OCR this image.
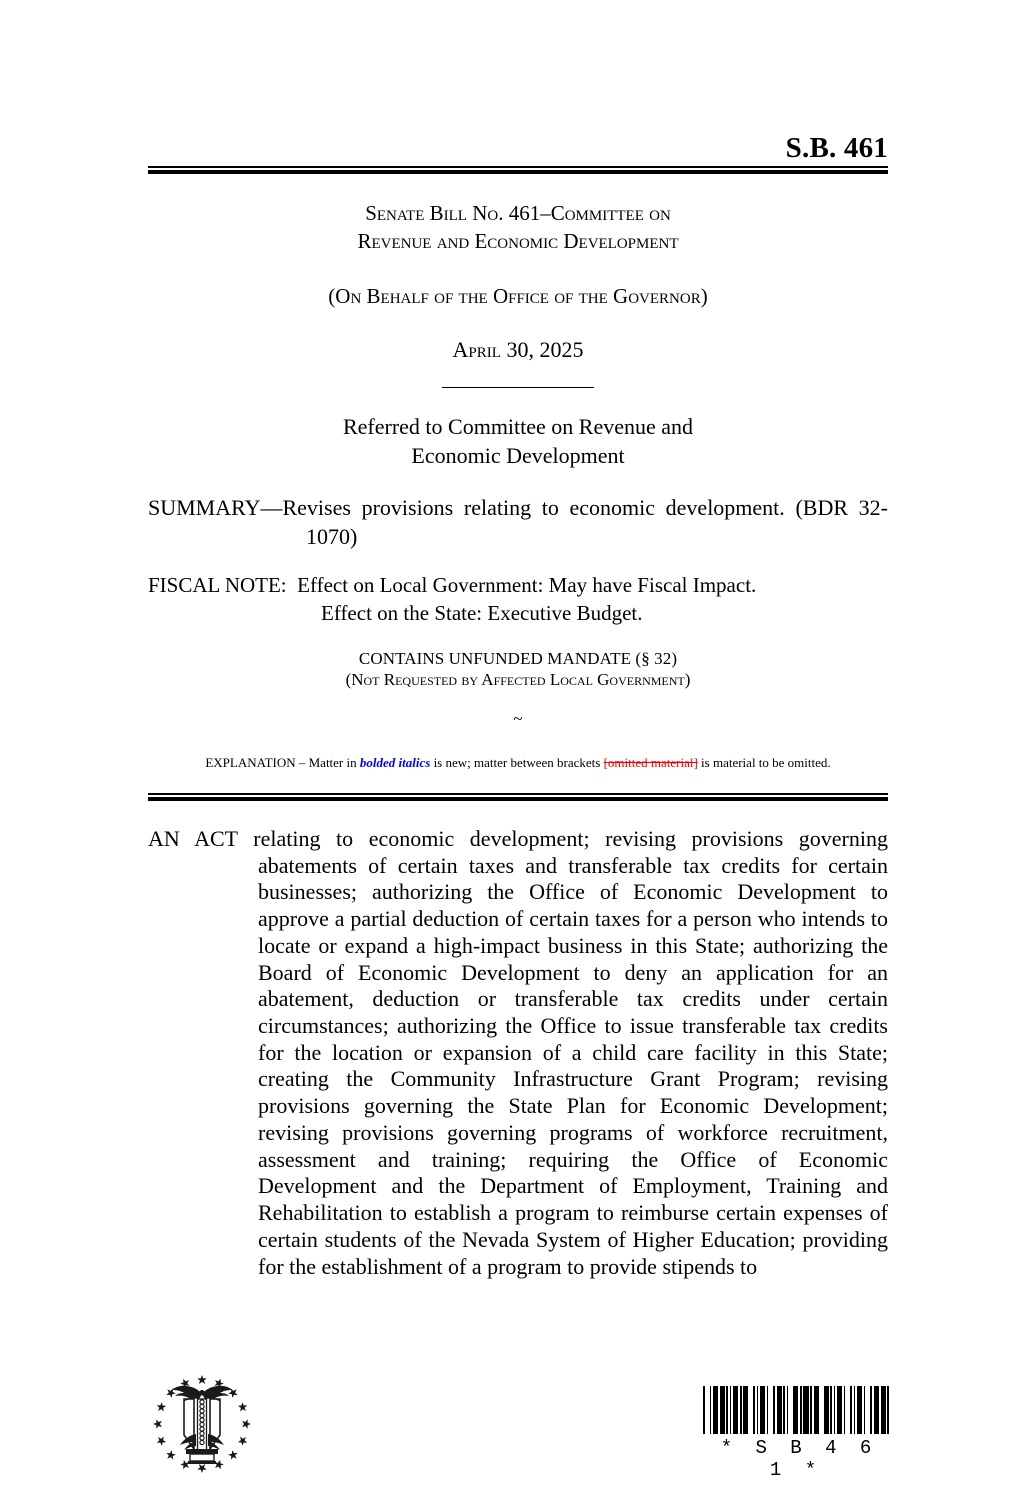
S.B. 461
Senate Bill No. 461–Committee on
Revenue and Economic Development
(On Behalf of the Office of the Governor)
April 30, 2025
Referred to Committee on Revenue and
Economic Development
SUMMARY—Revises provisions relating to economic development. (BDR 32-1070)
FISCAL NOTE: Effect on Local Government: May have Fiscal Impact.
Effect on the State: Executive Budget.
CONTAINS UNFUNDED MANDATE (§ 32)
(Not Requested by Affected Local Government)
~
EXPLANATION – Matter in bolded italics is new; matter between brackets [omitted material] is material to be omitted.
AN ACT relating to economic development; revising provisions governing abatements of certain taxes and transferable tax credits for certain businesses; authorizing the Office of Economic Development to approve a partial deduction of certain taxes for a person who intends to locate or expand a high-impact business in this State; authorizing the Board of Economic Development to deny an application for an abatement, deduction or transferable tax credits under certain circumstances; authorizing the Office to issue transferable tax credits for the location or expansion of a child care facility in this State; creating the Community Infrastructure Grant Program; revising provisions governing the State Plan for Economic Development; revising provisions governing programs of workforce recruitment, assessment and training; requiring the Office of Economic Development and the Department of Employment, Training and Rehabilitation to establish a program to reimburse certain expenses of certain students of the Nevada System of Higher Education; providing for the establishment of a program to provide stipends to
* S B 4 6 1 *
